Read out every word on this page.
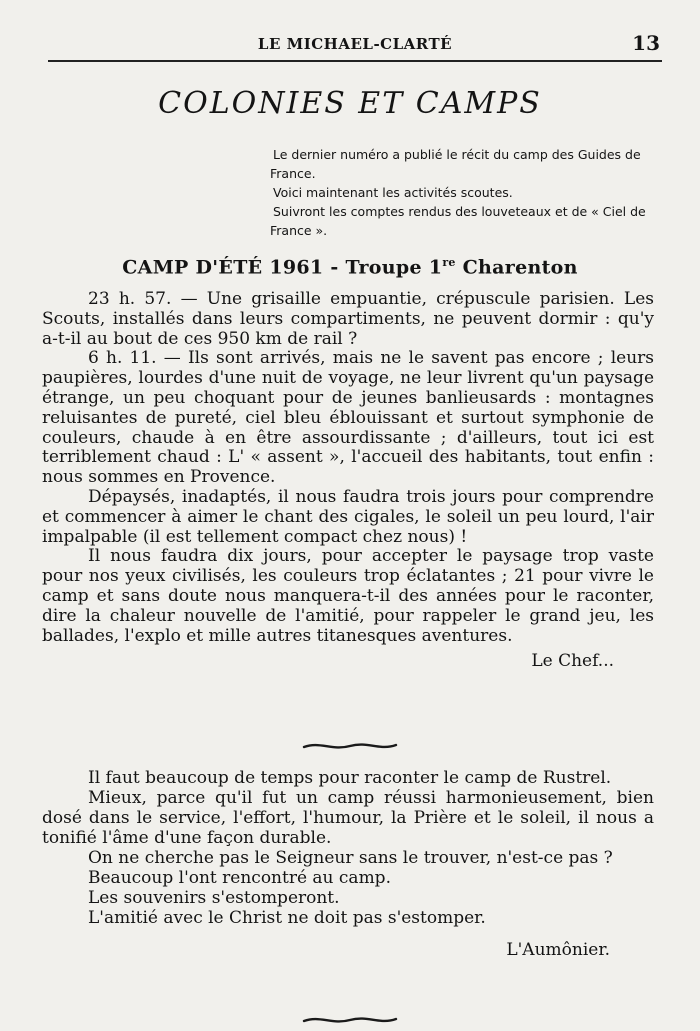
LE MICHAEL-CLARTÉ	13
COLONIES ET CAMPS

Le dernier numéro a publié le récit du camp des Guides de France.

Voici maintenant les activités scoutes.

Suivront les comptes rendus des louveteaux et de « Ciel de France ».

CAMP D'ÉTÉ 1961 - Troupe 1re Charenton

23 h. 57. — Une grisaille empuantie, crépuscule parisien. Les Scouts, installés dans leurs compartiments, ne peuvent dormir : qu'y a-t-il au bout de ces 950 km de rail ?

6 h. 11. — Ils sont arrivés, mais ne le savent pas encore ; leurs paupières, lourdes d'une nuit de voyage, ne leur livrent qu'un paysage étrange, un peu choquant pour de jeunes banlieusards : montagnes reluisantes de pureté, ciel bleu éblouissant et surtout symphonie de couleurs, chaude à en être assourdissante ; d'ailleurs, tout ici est terriblement chaud : L' « assent », l'accueil des habitants, tout enfin : nous sommes en Provence.

Dépaysés, inadaptés, il nous faudra trois jours pour comprendre et commencer à aimer le chant des cigales, le soleil un peu lourd, l'air impalpable (il est tellement compact chez nous) !

Il nous faudra dix jours, pour accepter le paysage trop vaste pour nos yeux civilisés, les couleurs trop éclatantes ; 21 pour vivre le camp et sans doute nous manquera-t-il des années pour le raconter, dire la chaleur nouvelle de l'amitié, pour rappeler le grand jeu, les ballades, l'explo et mille autres titanesques aventures.

Le Chef...

Il faut beaucoup de temps pour raconter le camp de Rustrel.

Mieux, parce qu'il fut un camp réussi harmonieusement, bien dosé dans le service, l'effort, l'humour, la Prière et le soleil, il nous a tonifié l'âme d'une façon durable.

On ne cherche pas le Seigneur sans le trouver, n'est-ce pas ?

Beaucoup l'ont rencontré au camp.

Les souvenirs s'estomperont.

L'amitié avec le Christ ne doit pas s'estomper.

L'Aumônier.
